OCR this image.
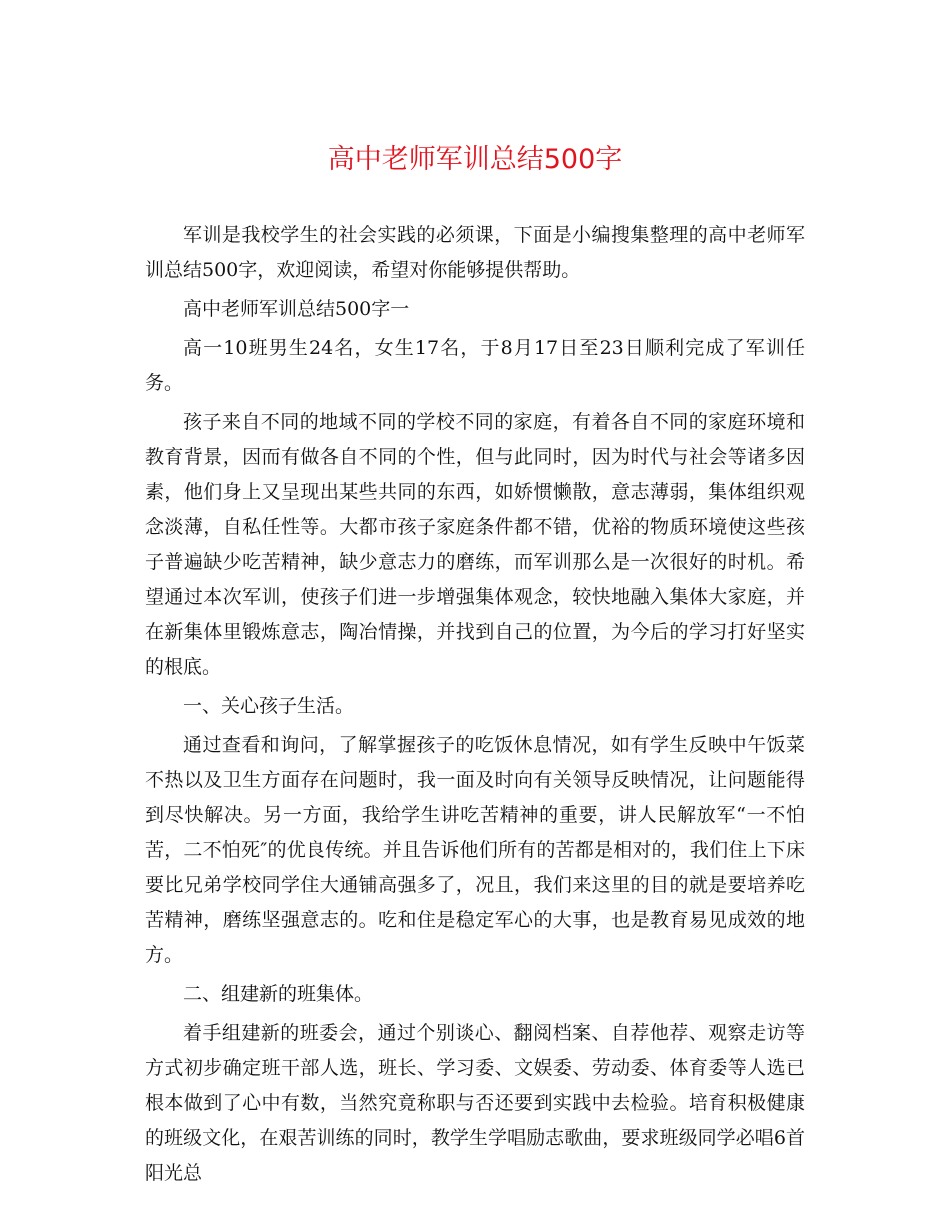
高中老师军训总结500字

军训是我校学生的社会实践的必须课，下面是小编搜集整理的高中老师军训总结500字，欢迎阅读，希望对你能够提供帮助。

高中老师军训总结500字一

高一10班男生24名，女生17名，于8月17日至23日顺利完成了军训任务。

孩子来自不同的地域不同的学校不同的家庭，有着各自不同的家庭环境和教育背景，因而有做各自不同的个性，但与此同时，因为时代与社会等诸多因素，他们身上又呈现出某些共同的东西，如娇惯懒散，意志薄弱，集体组织观念淡薄，自私任性等。大都市孩子家庭条件都不错，优裕的物质环境使这些孩子普遍缺少吃苦精神，缺少意志力的磨练，而军训那么是一次很好的时机。希望通过本次军训，使孩子们进一步增强集体观念，较快地融入集体大家庭，并在新集体里锻炼意志，陶冶情操，并找到自己的位置，为今后的学习打好坚实的根底。

一、关心孩子生活。

通过查看和询问，了解掌握孩子的吃饭休息情况，如有学生反映中午饭菜不热以及卫生方面存在问题时，我一面及时向有关领导反映情况，让问题能得到尽快解决。另一方面，我给学生讲吃苦精神的重要，讲人民解放军“一不怕苦，二不怕死″的优良传统。并且告诉他们所有的苦都是相对的，我们住上下床要比兄弟学校同学住大通铺高强多了，况且，我们来这里的目的就是要培养吃苦精神，磨练坚强意志的。吃和住是稳定军心的大事，也是教育易见成效的地方。

二、组建新的班集体。

着手组建新的班委会，通过个别谈心、翻阅档案、自荐他荐、观察走访等方式初步确定班干部人选，班长、学习委、文娱委、劳动委、体育委等人选已根本做到了心中有数，当然究竟称职与否还要到实践中去检验。培育积极健康的班级文化，在艰苦训练的同时，教学生学唱励志歌曲，要求班级同学必唱6首阳光总
